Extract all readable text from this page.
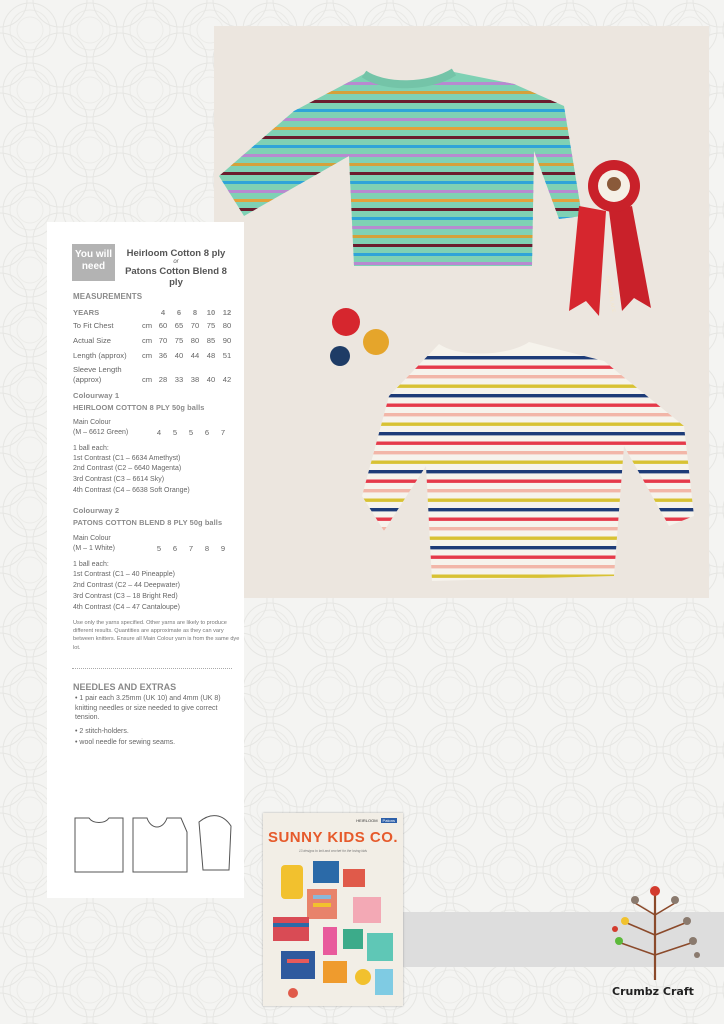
SECOND PLACE
You will
need
Heirloom Cotton 8 ply
or
Patons Cotton Blend 8 ply
MEASUREMENTS
YEARS	4 6 8 10 12
To Fit Chest	cm 60 65 70 75 80
Actual Size	cm 70 75 80 85 90
Length (approx) cm 36 40 44 48 51
Sleeve Length
(approx)	cm 28 33 38 40 42
Colourway 1
HEIRLOOM COTTON 8 PLY 50g balls
Main Colour
(M – 6612 Green)	4 5 5 6 7
1 ball each:
1st Contrast (C1 – 6634 Amethyst)
2nd Contrast (C2 – 6640 Magenta)
3rd Contrast (C3 – 6614 Sky)
4th Contrast (C4 – 6638 Soft Orange)
Colourway 2
PATONS COTTON BLEND 8 PLY 50g balls
Main Colour
(M – 1 White)	5 6 7 8 9
1 ball each:
1st Contrast (C1 – 40 Pineapple)
2nd Contrast (C2 – 44 Deepwater)
3rd Contrast (C3 – 18 Bright Red)
4th Contrast (C4 – 47 Cantaloupe)
Use only the yarns specified. Other yarns are likely to produce different results. Quantities are approximate as they can vary between knitters. Ensure all Main Colour yarn is from the same dye lot.
NEEDLES AND EXTRAS
• 1 pair each 3.25mm (UK 10) and 4mm (UK 8) knitting needles or size needed to give correct tension.
• 2 stitch-holders.
• wool needle for sewing seams.
HEIRLOOM Patons
SUNNY KIDS CO.
13 designs to knit and crochet for the loving kids
Crumbz Craft
